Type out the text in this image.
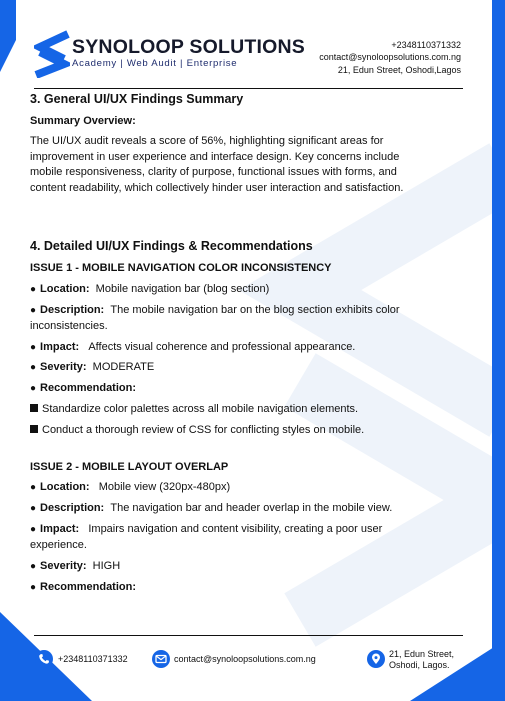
SYNOLOOP SOLUTIONS
Academy | Web Audit | Enterprise
+2348110371332
contact@synoloopsolutions.com.ng
21, Edun Street, Oshodi,Lagos
3. General UI/UX Findings Summary
Summary Overview:
The UI/UX audit reveals a score of 56%, highlighting significant areas for
improvement in user experience and interface design. Key concerns include
mobile responsiveness, clarity of purpose, functional issues with forms, and
content readability, which collectively hinder user interaction and satisfaction.
4. Detailed UI/UX Findings & Recommendations
ISSUE 1 - MOBILE NAVIGATION COLOR INCONSISTENCY
● Location: Mobile navigation bar (blog section)
● Description: The mobile navigation bar on the blog section exhibits color
inconsistencies.
● Impact: Affects visual coherence and professional appearance.
● Severity: MODERATE
● Recommendation:
Standardize color palettes across all mobile navigation elements.
Conduct a thorough review of CSS for conflicting styles on mobile.
ISSUE 2 - MOBILE LAYOUT OVERLAP
● Location: Mobile view (320px-480px)
● Description: The navigation bar and header overlap in the mobile view.
● Impact: Impairs navigation and content visibility, creating a poor user
experience.
● Severity: HIGH
● Recommendation:
+2348110371332	contact@synoloopsolutions.com.ng	21, Edun Street,
Oshodi, Lagos.
